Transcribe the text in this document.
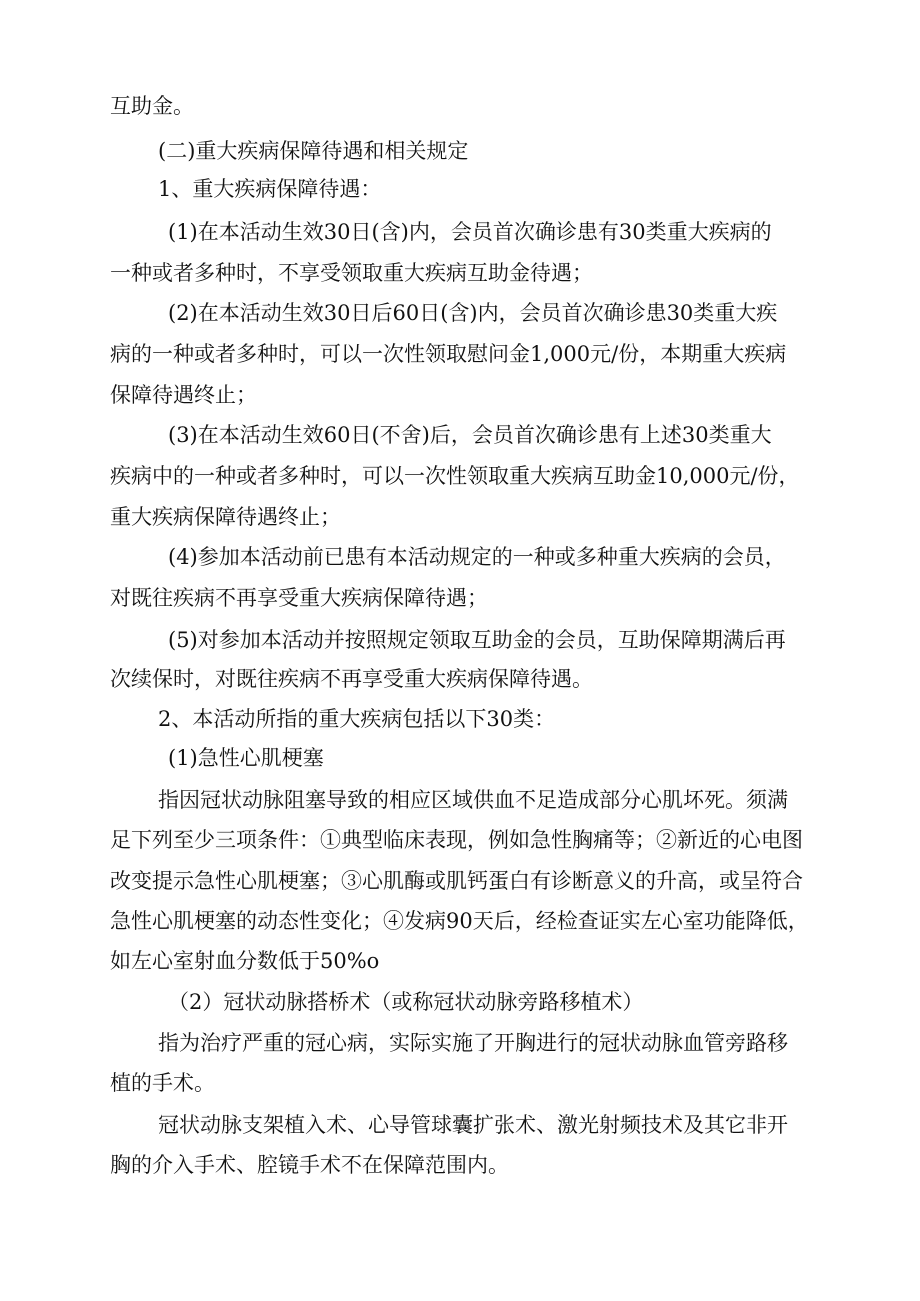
互助金。
(二)重大疾病保障待遇和相关规定
1、重大疾病保障待遇：
(1)在本活动生效30日(含)内，会员首次确诊患有30类重大疾病的
一种或者多种时，不享受领取重大疾病互助金待遇；
(2)在本活动生效30日后60日(含)内，会员首次确诊患30类重大疾
病的一种或者多种时，可以一次性领取慰问金1,000元/份，本期重大疾病
保障待遇终止；
(3)在本活动生效60日(不舍)后，会员首次确诊患有上述30类重大
疾病中的一种或者多种时，可以一次性领取重大疾病互助金10,000元/份，
重大疾病保障待遇终止；
(4)参加本活动前已患有本活动规定的一种或多种重大疾病的会员，
对既往疾病不再享受重大疾病保障待遇；
(5)对参加本活动并按照规定领取互助金的会员，互助保障期满后再
次续保时，对既往疾病不再享受重大疾病保障待遇。
2、本活动所指的重大疾病包括以下30类：
(1)急性心肌梗塞
指因冠状动脉阻塞导致的相应区域供血不足造成部分心肌坏死。须满
足下列至少三项条件：①典型临床表现，例如急性胸痛等；②新近的心电图
改变提示急性心肌梗塞；③心肌酶或肌钙蛋白有诊断意义的升高，或呈符合
急性心肌梗塞的动态性变化；④发病90天后，经检查证实左心室功能降低，
如左心室射血分数低于50%o
（2）冠状动脉搭桥术（或称冠状动脉旁路移植术）
指为治疗严重的冠心病，实际实施了开胸进行的冠状动脉血管旁路移
植的手术。
冠状动脉支架植入术、心导管球囊扩张术、激光射频技术及其它非开
胸的介入手术、腔镜手术不在保障范围内。
